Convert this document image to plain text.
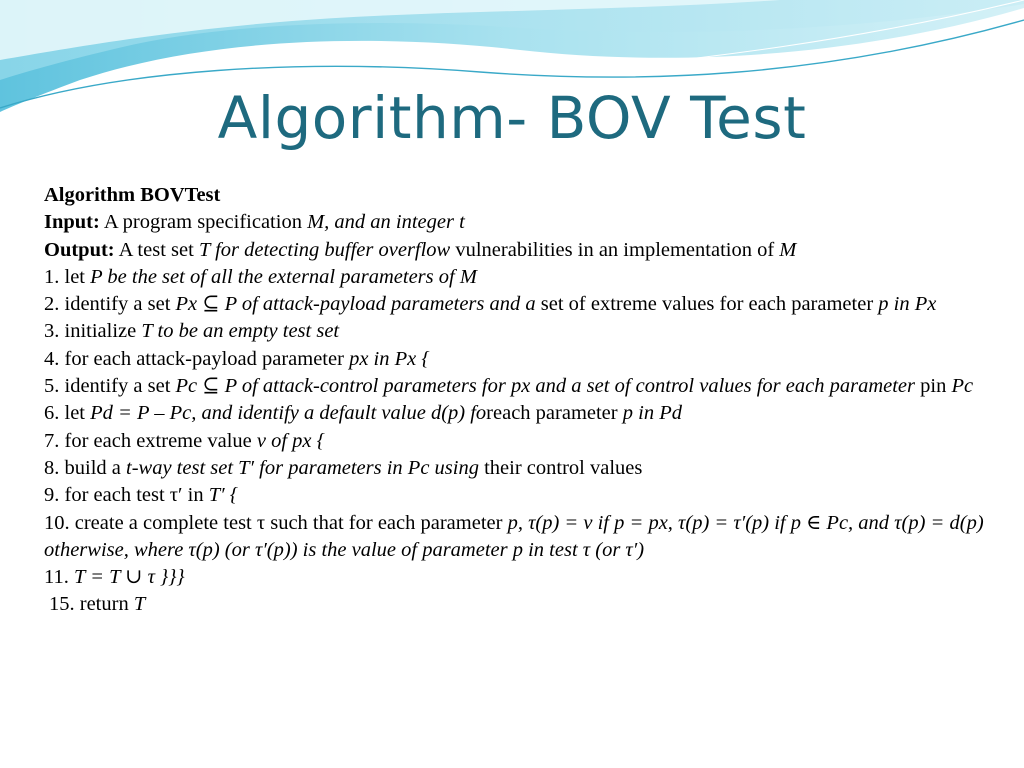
Algorithm- BOV Test
Algorithm BOVTest
Input: A program specification M, and an integer t
Output: A test set T for detecting buffer overflow vulnerabilities in an implementation of M
1. let P be the set of all the external parameters of M
2. identify a set Px ⊆ P of attack-payload parameters and a set of extreme values for each parameter p in Px
3. initialize T to be an empty test set
4. for each attack-payload parameter px in Px {
5. identify a set Pc ⊆ P of attack-control parameters for px and a set of control values for each parameter pin Pc
6. let Pd = P – Pc, and identify a default value d(p) foreach parameter p in Pd
7. for each extreme value v of px {
8. build a t-way test set T′ for parameters in Pc using their control values
9. for each test τ′ in T′ {
10. create a complete test τ such that for each parameter p, τ(p) = v if p = px, τ(p) = τ′(p) if p ∈ Pc, and τ(p) = d(p) otherwise, where τ(p) (or τ′(p)) is the value of parameter p in test τ (or τ′)
11. T = T ∪ τ }}}
15. return T
